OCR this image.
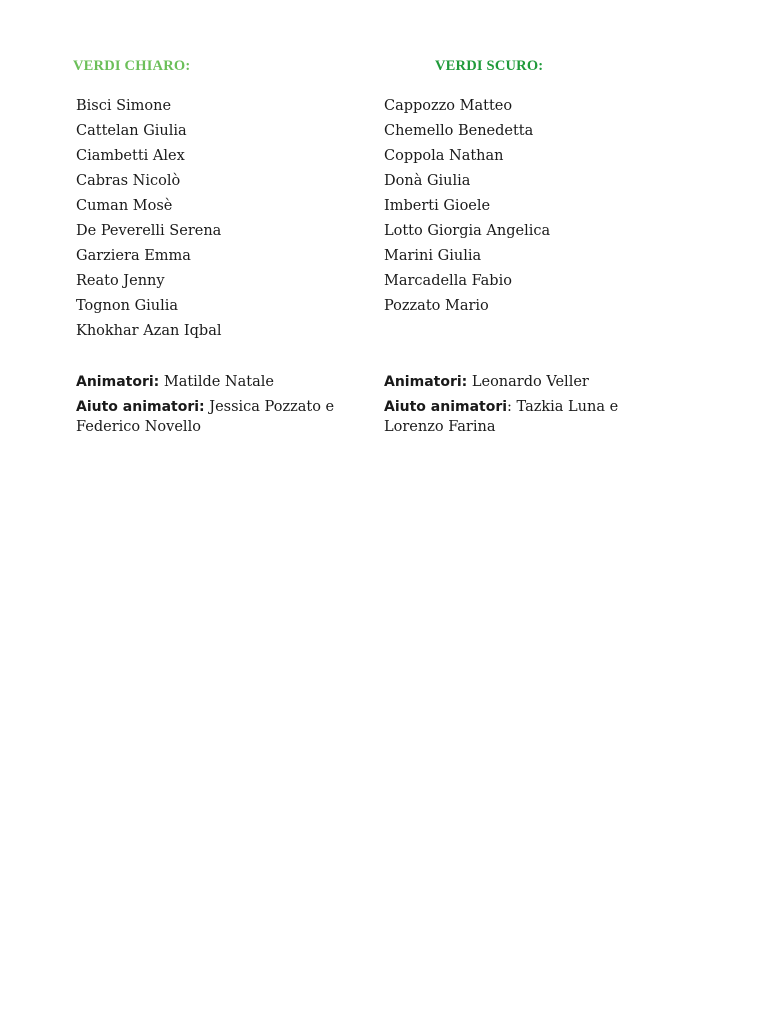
VERDI CHIARO:
Bisci Simone
Cattelan Giulia
Ciambetti Alex
Cabras Nicolò
Cuman Mosè
De Peverelli Serena
Garziera Emma
Reato Jenny
Tognon Giulia
Khokhar Azan Iqbal
Animatori: Matilde Natale
Aiuto animatori: Jessica Pozzato e Federico Novello
VERDI SCURO:
Cappozzo Matteo
Chemello Benedetta
Coppola Nathan
Donà Giulia
Imberti Gioele
Lotto Giorgia Angelica
Marini Giulia
Marcadella Fabio
Pozzato Mario
Animatori: Leonardo Veller
Aiuto animatori: Tazkia Luna e Lorenzo Farina
